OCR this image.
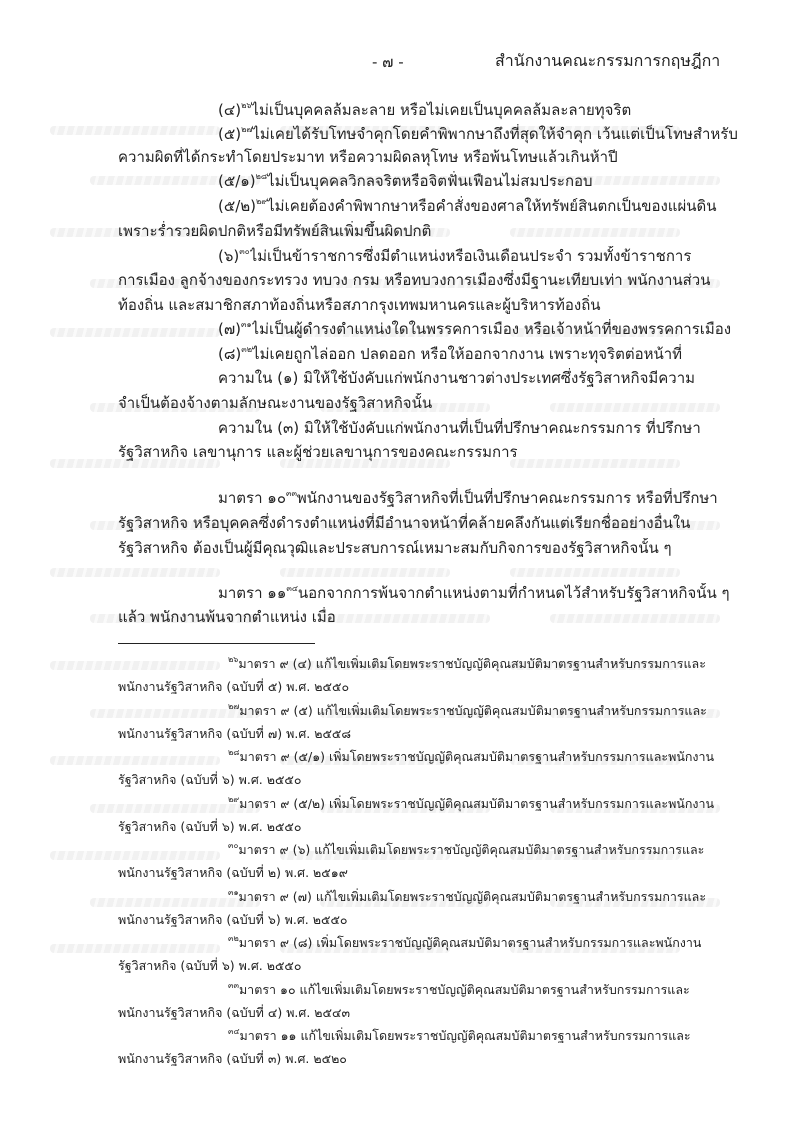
- ๗ -	สำนักงานคณะกรรมการกฤษฎีกา
(๔)$^{๒๖}$ไม่เป็นบุคคลล้มละลาย หรือไม่เคยเป็นบุคคลล้มละลายทุจริต
(๕)$^{๒๗}$ไม่เคยได้รับโทษจำคุกโดยคำพิพากษาถึงที่สุดให้จำคุก เว้นแต่เป็นโทษสำหรับ
ความผิดที่ได้กระทำโดยประมาท หรือความผิดลหุโทษ หรือพ้นโทษแล้วเกินห้าปี
(๕/๑)$^{๒๘}$ไม่เป็นบุคคลวิกลจริตหรือจิตฟั่นเฟือนไม่สมประกอบ
(๕/๒)$^{๒๙}$ไม่เคยต้องคำพิพากษาหรือคำสั่งของศาลให้ทรัพย์สินตกเป็นของแผ่นดิน
เพราะร่ำรวยผิดปกติหรือมีทรัพย์สินเพิ่มขึ้นผิดปกติ
(๖)$^{๓๐}$ไม่เป็นข้าราชการซึ่งมีตำแหน่งหรือเงินเดือนประจำ รวมทั้งข้าราชการ
การเมือง ลูกจ้างของกระทรวง ทบวง กรม หรือทบวงการเมืองซึ่งมีฐานะเทียบเท่า พนักงานส่วน
ท้องถิ่น และสมาชิกสภาท้องถิ่นหรือสภากรุงเทพมหานครและผู้บริหารท้องถิ่น
(๗)$^{๓๑}$ไม่เป็นผู้ดำรงตำแหน่งใดในพรรคการเมือง หรือเจ้าหน้าที่ของพรรคการเมือง
(๘)$^{๓๒}$ไม่เคยถูกไล่ออก ปลดออก หรือให้ออกจากงาน เพราะทุจริตต่อหน้าที่
ความใน (๑) มิให้ใช้บังคับแก่พนักงานชาวต่างประเทศซึ่งรัฐวิสาหกิจมีความ
จำเป็นต้องจ้างตามลักษณะงานของรัฐวิสาหกิจนั้น
ความใน (๓) มิให้ใช้บังคับแก่พนักงานที่เป็นที่ปรึกษาคณะกรรมการ ที่ปรึกษา
รัฐวิสาหกิจ เลขานุการ และผู้ช่วยเลขานุการของคณะกรรมการ
มาตรา ๑๐$^{๓๓}$พนักงานของรัฐวิสาหกิจที่เป็นที่ปรึกษาคณะกรรมการ หรือที่ปรึกษา
รัฐวิสาหกิจ หรือบุคคลซึ่งดำรงตำแหน่งที่มีอำนาจหน้าที่คล้ายคลึงกันแต่เรียกชื่ออย่างอื่นใน
รัฐวิสาหกิจ ต้องเป็นผู้มีคุณวุฒิและประสบการณ์เหมาะสมกับกิจการของรัฐวิสาหกิจนั้น ๆ
มาตรา ๑๑$^{๓๔}$นอกจากการพ้นจากตำแหน่งตามที่กำหนดไว้สำหรับรัฐวิสาหกิจนั้น ๆ
แล้ว พนักงานพ้นจากตำแหน่ง เมื่อ
$^{๒๖}$มาตรา ๙ (๔) แก้ไขเพิ่มเติมโดยพระราชบัญญัติคุณสมบัติมาตรฐานสำหรับกรรมการและ
พนักงานรัฐวิสาหกิจ (ฉบับที่ ๕) พ.ศ. ๒๕๕๐
$^{๒๗}$มาตรา ๙ (๕) แก้ไขเพิ่มเติมโดยพระราชบัญญัติคุณสมบัติมาตรฐานสำหรับกรรมการและ
พนักงานรัฐวิสาหกิจ (ฉบับที่ ๗) พ.ศ. ๒๕๕๘
$^{๒๘}$มาตรา ๙ (๕/๑) เพิ่มโดยพระราชบัญญัติคุณสมบัติมาตรฐานสำหรับกรรมการและพนักงาน
รัฐวิสาหกิจ (ฉบับที่ ๖) พ.ศ. ๒๕๕๐
$^{๒๙}$มาตรา ๙ (๕/๒) เพิ่มโดยพระราชบัญญัติคุณสมบัติมาตรฐานสำหรับกรรมการและพนักงาน
รัฐวิสาหกิจ (ฉบับที่ ๖) พ.ศ. ๒๕๕๐
$^{๓๐}$มาตรา ๙ (๖) แก้ไขเพิ่มเติมโดยพระราชบัญญัติคุณสมบัติมาตรฐานสำหรับกรรมการและ
พนักงานรัฐวิสาหกิจ (ฉบับที่ ๒) พ.ศ. ๒๕๑๙
$^{๓๑}$มาตรา ๙ (๗) แก้ไขเพิ่มเติมโดยพระราชบัญญัติคุณสมบัติมาตรฐานสำหรับกรรมการและ
พนักงานรัฐวิสาหกิจ (ฉบับที่ ๖) พ.ศ. ๒๕๕๐
$^{๓๒}$มาตรา ๙ (๘) เพิ่มโดยพระราชบัญญัติคุณสมบัติมาตรฐานสำหรับกรรมการและพนักงาน
รัฐวิสาหกิจ (ฉบับที่ ๖) พ.ศ. ๒๕๕๐
$^{๓๓}$มาตรา ๑๐ แก้ไขเพิ่มเติมโดยพระราชบัญญัติคุณสมบัติมาตรฐานสำหรับกรรมการและ
พนักงานรัฐวิสาหกิจ (ฉบับที่ ๔) พ.ศ. ๒๕๔๓
$^{๓๔}$มาตรา ๑๑ แก้ไขเพิ่มเติมโดยพระราชบัญญัติคุณสมบัติมาตรฐานสำหรับกรรมการและ
พนักงานรัฐวิสาหกิจ (ฉบับที่ ๓) พ.ศ. ๒๕๒๐
